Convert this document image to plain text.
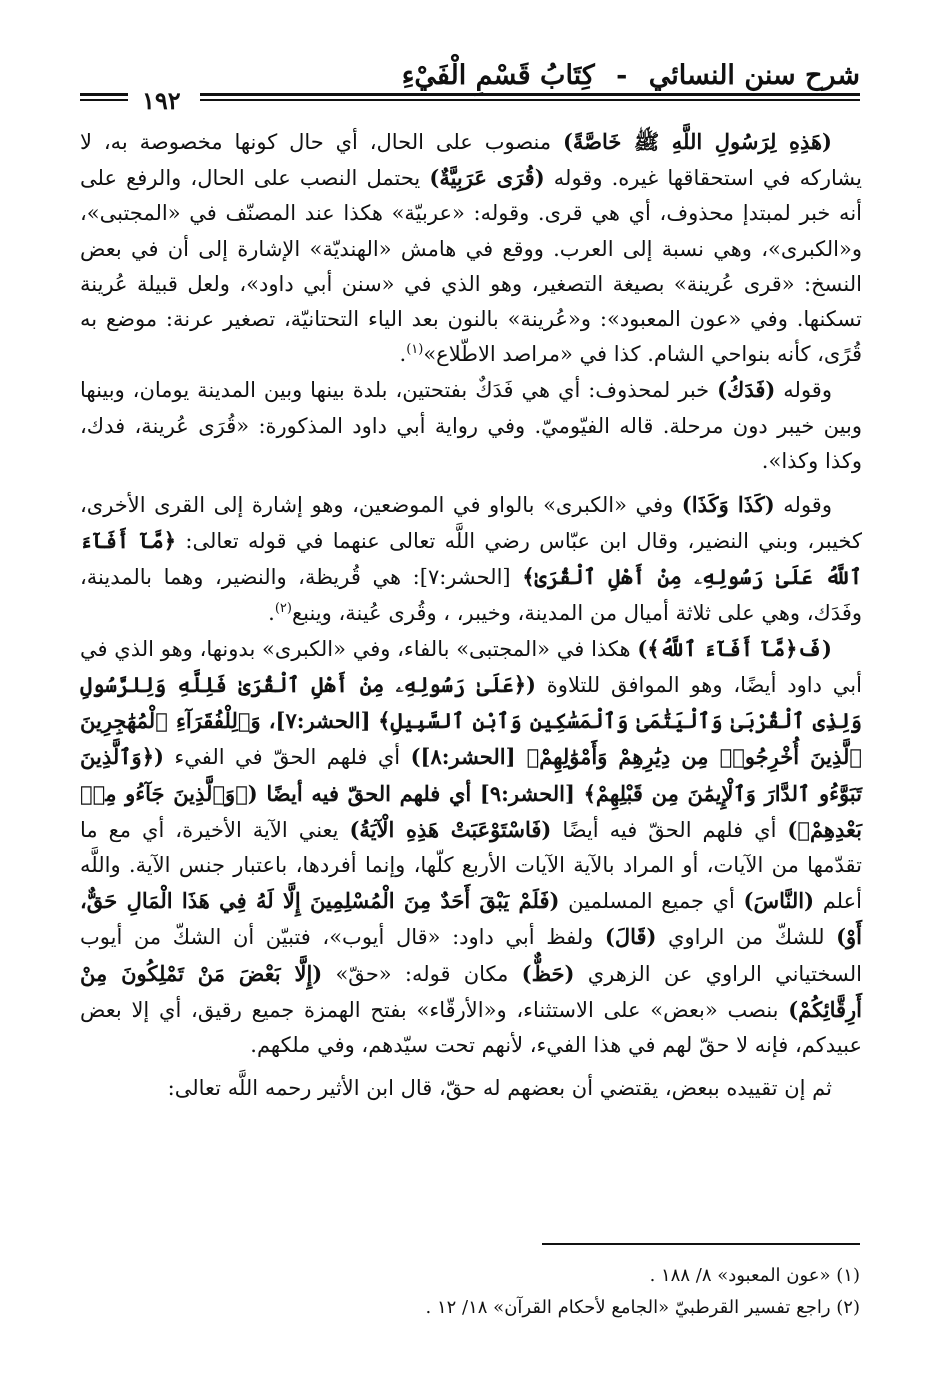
شرح سنن النسائي - كِتَابُ قَسْمِ الْفَيْءِ
١٩٢

(هَذِهِ لِرَسُولِ اللَّهِ ﷺ خَاصَّةً) منصوب على الحال، أي حال كونها مخصوصة به، لا يشاركه في استحقاقها غيره. وقوله (قُرَى عَرَبِيَّةٌ) يحتمل النصب على الحال، والرفع على أنه خبر لمبتدإ محذوف، أي هي قرى. وقوله: «عربيّة» هكذا عند المصنّف في «المجتبى»، و«الكبرى»، وهي نسبة إلى العرب. ووقع في هامش «الهنديّة» الإشارة إلى أن في بعض النسخ: «قرى عُرينة» بصيغة التصغير، وهو الذي في «سنن أبي داود»، ولعل قبيلة عُرينة تسكنها. وفي «عون المعبود»: و«عُرينة» بالنون بعد الياء التحتانيّة، تصغير عرنة: موضع به قُرًى، كأنه بنواحي الشام. كذا في «مراصد الاطّلاع»$^{(١)}$.

وقوله (فَدَكُ) خبر لمحذوف: أي هي فَدَكٌ بفتحتين، بلدة بينها وبين المدينة يومان، وبينها وبين خيبر دون مرحلة. قاله الفيّوميّ. وفي رواية أبي داود المذكورة: «قُرَى عُرينة، فدك، وكذا وكذا».

وقوله (كَذَا وَكَذَا) وفي «الكبرى» بالواو في الموضعين، وهو إشارة إلى القرى الأخرى، كخيبر، وبني النضير، وقال ابن عبّاس رضي اللَّه تعالى عنهما في قوله تعالى: ﴿مَّآ أَفَآءَ ٱللَّهُ عَلَىٰ رَسُولِهِۦ مِنْ أَهْلِ ٱلْقُرَىٰ﴾ [الحشر:٧]: هي قُريظة، والنضير، وهما بالمدينة، وفَدَك، وهي على ثلاثة أميال من المدينة، وخيبر، ، وقُرى عُينة، وينبع$^{(٢)}$.

(فَ﴿مَّآ أَفَآءَ ٱللَّهُ﴾) هكذا في «المجتبى» بالفاء، وفي «الكبرى» بدونها، وهو الذي في أبي داود أيضًا، وهو الموافق للتلاوة (﴿عَلَىٰ رَسُولِهِۦ مِنْ أَهْلِ ٱلْقُرَىٰ فَلِلَّهِ وَلِلرَّسُولِ وَلِذِى ٱلْقُرْبَىٰ وَٱلْيَتَٰمَىٰ وَٱلْمَسَٰكِينِ وَٱبْنِ ٱلسَّبِيلِ﴾ [الحشر:٧]، وَ﴿لِلْفُقَرَآءِ ٱلْمُهَٰجِرِينَ ٱلَّذِينَ أُخْرِجُوا۟ مِن دِيَٰرِهِمْ وَأَمْوَٰلِهِمْ﴾ [الحشر:٨]) أي فلهم الحقّ في الفيء (﴿وَٱلَّذِينَ تَبَوَّءُو ٱلدَّارَ وَٱلْإِيمَٰنَ مِن قَبْلِهِمْ﴾ [الحشر:٩] أي فلهم الحقّ فيه أيضًا (﴿وَٱلَّذِينَ جَآءُو مِنۢ بَعْدِهِمْ﴾) أي فلهم الحقّ فيه أيضًا (فَاسْتَوْعَبَتْ هَذِهِ الْآيَةُ) يعني الآية الأخيرة، أي مع ما تقدّمها من الآيات، أو المراد بالآية الآيات الأربع كلّها، وإنما أفردها، باعتبار جنس الآية. واللَّه أعلم (النَّاسَ) أي جميع المسلمين (فَلَمْ يَبْقَ أَحَدٌ مِنَ الْمُسْلِمِينَ إِلَّا لَهُ فِي هَذَا الْمَالِ حَقٌّ، أَوْ) للشكّ من الراوي (قَالَ) ولفظ أبي داود: «قال أيوب»، فتبيّن أن الشكّ من أيوب السختياني الراوي عن الزهري (حَظٌّ) مكان قوله: «حقّ» (إِلَّا بَعْضَ مَنْ تَمْلِكُونَ مِنْ أَرِقَّائِكُمْ) بنصب «بعض» على الاستثناء، و«الأرقّاء» بفتح الهمزة جميع رقيق، أي إلا بعض عبيدكم، فإنه لا حقّ لهم في هذا الفيء، لأنهم تحت سيّدهم، وفي ملكهم.

ثم إن تقييده ببعض، يقتضي أن بعضهم له حقّ، قال ابن الأثير رحمه اللَّه تعالى:

(١) «عون المعبود» ٨/ ١٨٨ .

(٢) راجع تفسير القرطبيّ «الجامع لأحكام القرآن» ١٨/ ١٢ .
